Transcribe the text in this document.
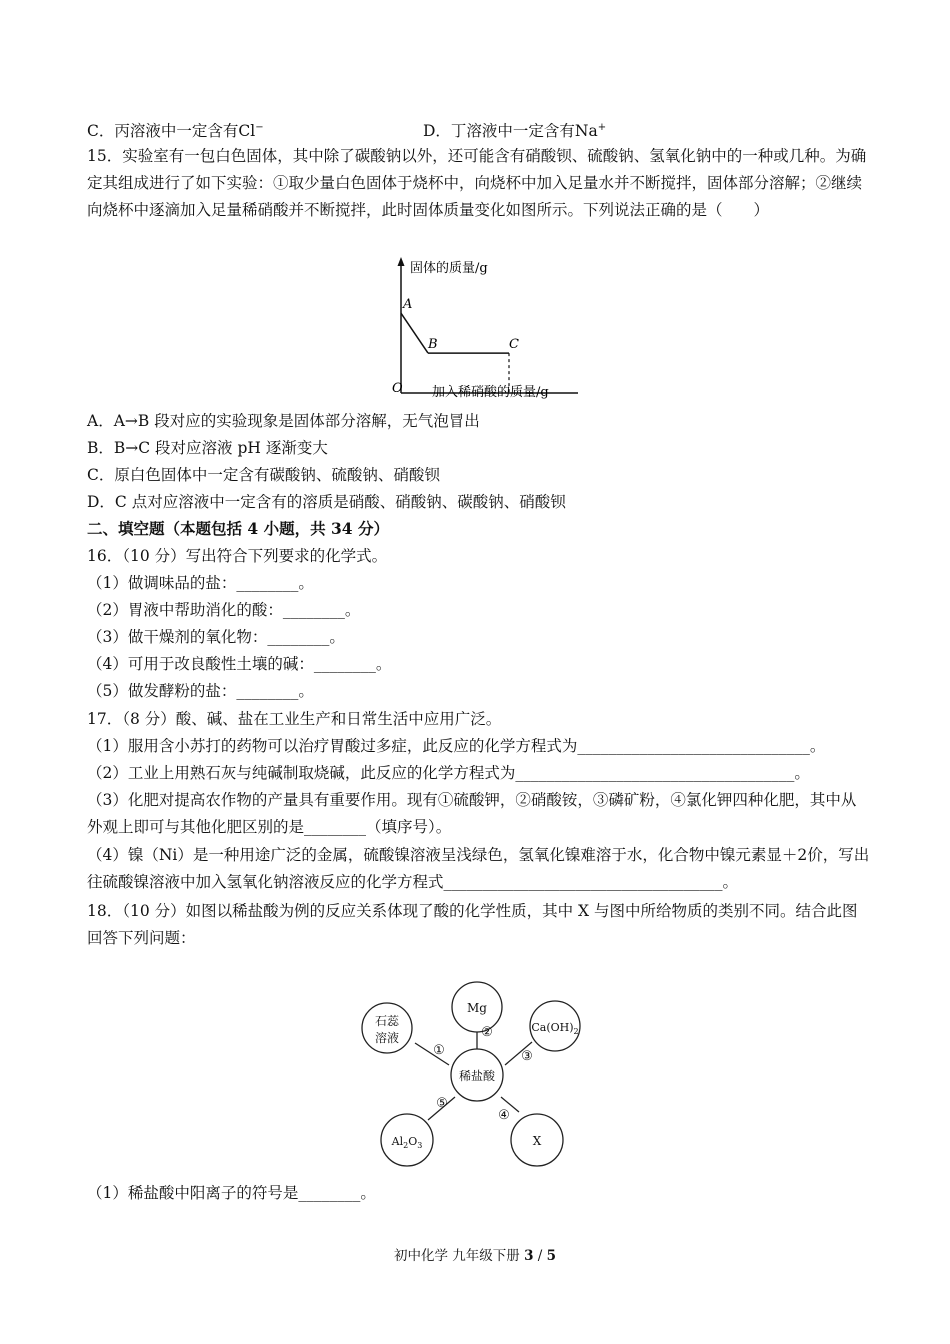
C．丙溶液中一定含有Cl−	D．丁溶液中一定含有Na+
15．实验室有一包白色固体，其中除了碳酸钠以外，还可能含有硝酸钡、硫酸钠、氢氧化钠中的一种或几种。为确定其组成进行了如下实验：①取少量白色固体于烧杯中，向烧杯中加入足量水并不断搅拌，固体部分溶解；②继续向烧杯中逐滴加入足量稀硝酸并不断搅拌，此时固体质量变化如图所示。下列说法正确的是（　　）
固体的质量/g
O 加入稀硝酸的质量/g
A
B	C
A．A→B 段对应的实验现象是固体部分溶解，无气泡冒出
B．B→C 段对应溶液 pH 逐渐变大
C．原白色固体中一定含有碳酸钠、硫酸钠、硝酸钡
D．C 点对应溶液中一定含有的溶质是硝酸、硝酸钠、碳酸钠、硝酸钡
二、填空题（本题包括 4 小题，共 34 分）
16．（10 分）写出符合下列要求的化学式。
（1）做调味品的盐：________。
（2）胃液中帮助消化的酸：________。
（3）做干燥剂的氧化物：________。
（4）可用于改良酸性土壤的碱：________。
（5）做发酵粉的盐：________。
17．（8 分）酸、碱、盐在工业生产和日常生活中应用广泛。
（1）服用含小苏打的药物可以治疗胃酸过多症，此反应的化学方程式为______________________________。
（2）工业上用熟石灰与纯碱制取烧碱，此反应的化学方程式为____________________________________。
（3）化肥对提高农作物的产量具有重要作用。现有①硫酸钾，②硝酸铵，③磷矿粉，④氯化钾四种化肥，其中从外观上即可与其他化肥区别的是________（填序号）。
（4）镍（Ni）是一种用途广泛的金属，硫酸镍溶液呈浅绿色，氢氧化镍难溶于水，化合物中镍元素显＋2价，写出往硫酸镍溶液中加入氢氧化钠溶液反应的化学方程式____________________________________。
18．（10 分）如图以稀盐酸为例的反应关系体现了酸的化学性质，其中 X 与图中所给物质的类别不同。结合此图回答下列问题：
Mg
石蕊
溶液
$Ca(OH)_2$
稀盐酸
$Al_2O_3$	X
①
②
③
④
⑤
（1）稀盐酸中阳离子的符号是________。
初中化学 九年级下册 3 / 5
